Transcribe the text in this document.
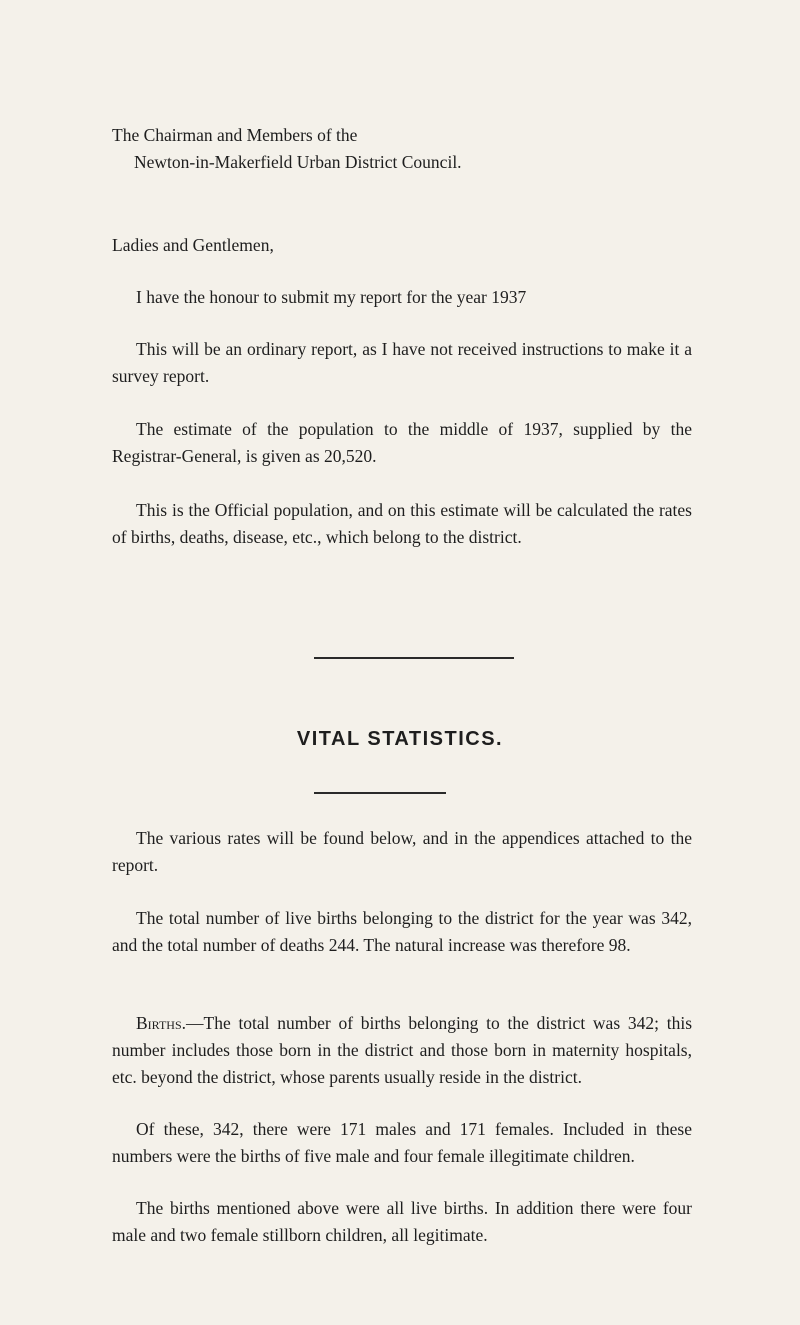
The Chairman and Members of the

Newton-in-Makerfield Urban District Council.

Ladies and Gentlemen,

I have the honour to submit my report for the year 1937

This will be an ordinary report, as I have not received instructions to make it a survey report.

The estimate of the population to the middle of 1937, supplied by the Registrar-General, is given as 20,520.

This is the Official population, and on this estimate will be calculated the rates of births, deaths, disease, etc., which belong to the district.

VITAL STATISTICS.

The various rates will be found below, and in the appendices attached to the report.

The total number of live births belonging to the district for the year was 342, and the total number of deaths 244. The natural increase was therefore 98.

Births.—The total number of births belonging to the district was 342; this number includes those born in the district and those born in maternity hospitals, etc. beyond the district, whose parents usually reside in the district.

Of these, 342, there were 171 males and 171 females. Included in these numbers were the births of five male and four female illegitimate children.

The births mentioned above were all live births. In addition there were four male and two female stillborn children, all legitimate.
